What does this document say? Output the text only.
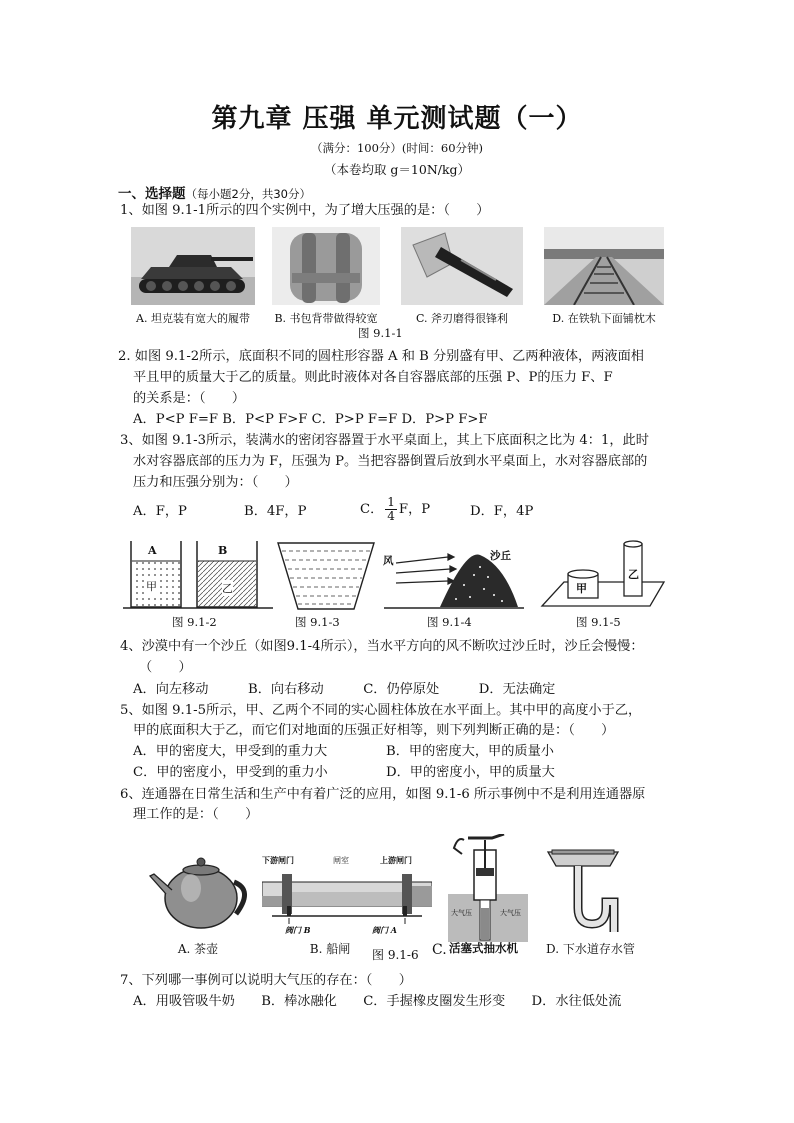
第九章 压强 单元测试题（一）
（满分：100分）(时间：60分钟)
（本卷均取 g＝10N/kg）
一、选择题（每小题2分，共30分）
1、如图 9.1-1所示的四个实例中，为了增大压强的是：（　　）
A. 坦克装有宽大的履带	B. 书包背带做得较宽	C. 斧刃磨得很锋利	D. 在铁轨下面铺枕木
图 9.1-1
2. 如图 9.1-2所示，底面积不同的圆柱形容器 A 和 B 分别盛有甲、乙两种液体，两液面相
平且甲的质量大于乙的质量。则此时液体对各自容器底部的压强 P、P的压力 F、F
的关系是：（　　）
A．P<P F=F B．P<P F>F C．P>P F=F D．P>P F>F
3、如图 9.1-3所示，装满水的密闭容器置于水平桌面上，其上下底面积之比为 4：1，此时
水对容器底部的压力为 F，压强为 P。当把容器倒置后放到水平桌面上，水对容器底部的
压力和压强分别为：（　　）
A．F，P	B．4F，P	C． $\frac{1}{4}$ F，P	D．F，4P
A	B
甲	乙
风	沙丘
甲
乙
图 9.1-2	图 9.1-3	图 9.1-4	图 9.1-5
4、沙漠中有一个沙丘（如图9.1-4所示），当水平方向的风不断吹过沙丘时，沙丘会慢慢：
（　　）
A．向左移动　　　B．向右移动　　　C．仍停原处　　　D．无法确定
5、如图 9.1-5所示，甲、乙两个不同的实心圆柱体放在水平面上。其中甲的高度小于乙，
甲的底面积大于乙，而它们对地面的压强正好相等，则下列判断正确的是：（　　）
A．甲的密度大，甲受到的重力大	B．甲的密度大，甲的质量小
C．甲的密度小，甲受到的重力小	D．甲的密度小，甲的质量大
6、连通器在日常生活和生产中有着广泛的应用，如图 9.1-6 所示事例中不是利用连通器原
理工作的是：（　　）
下游闸门	闸室	上游闸门
阀门 B	阀门 A
大气压	大气压
A. 茶壶	B. 船闸	图 9.1-6 C. 活塞式抽水机 D. 下水道存水管
7、下列哪一事例可以说明大气压的存在：（　　）
A．用吸管吸牛奶　　B．棒冰融化　　C．手握橡皮圈发生形变　　D．水往低处流
